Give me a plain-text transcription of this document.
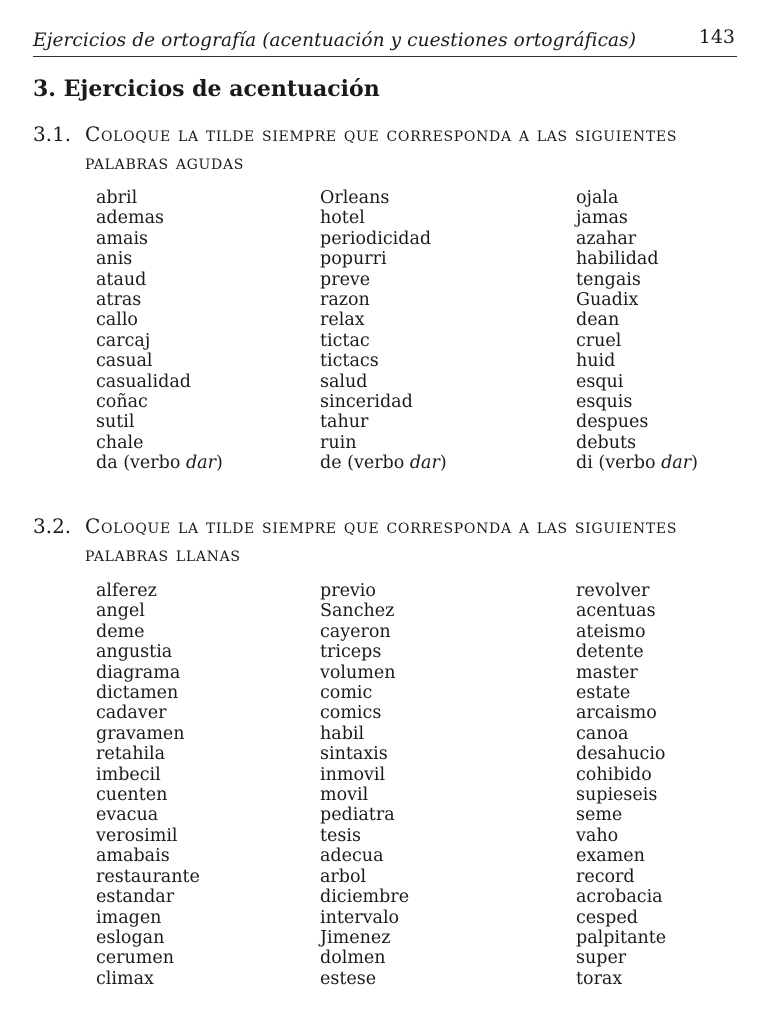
Ejercicios de ortografía (acentuación y cuestiones ortográficas)	143
3. Ejercicios de acentuación
3.1. Coloque la tilde siempre que corresponda a las siguientes
palabras agudas
abril
ademas
amais
anis
ataud
atras
callo
carcaj
casual
casualidad
coñac
sutil
chale
da (verbo dar)
Orleans
hotel
periodicidad
popurri
preve
razon
relax
tictac
tictacs
salud
sinceridad
tahur
ruin
de (verbo dar)
ojala
jamas
azahar
habilidad
tengais
Guadix
dean
cruel
huid
esqui
esquis
despues
debuts
di (verbo dar)
3.2. Coloque la tilde siempre que corresponda a las siguientes
palabras llanas
alferez
angel
deme
angustia
diagrama
dictamen
cadaver
gravamen
retahila
imbecil
cuenten
evacua
verosimil
amabais
restaurante
estandar
imagen
eslogan
cerumen
climax
previo
Sanchez
cayeron
triceps
volumen
comic
comics
habil
sintaxis
inmovil
movil
pediatra
tesis
adecua
arbol
diciembre
intervalo
Jimenez
dolmen
estese
revolver
acentuas
ateismo
detente
master
estate
arcaismo
canoa
desahucio
cohibido
supieseis
seme
vaho
examen
record
acrobacia
cesped
palpitante
super
torax
